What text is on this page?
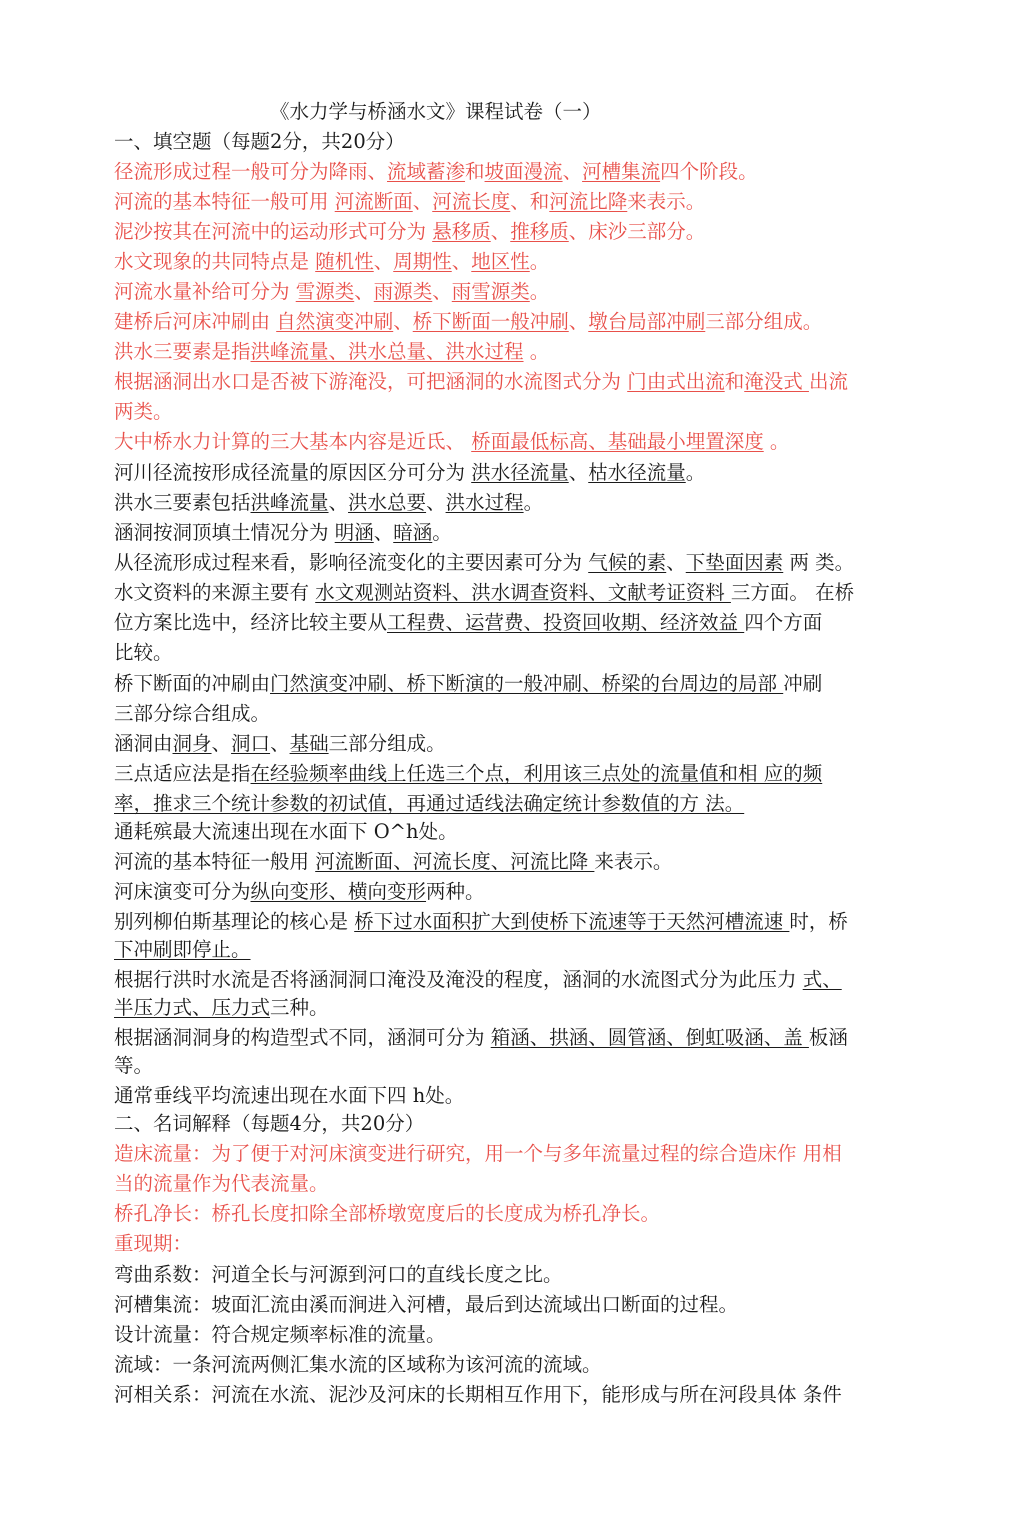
《水力学与桥涵水文》课程试卷（一）
一、填空题（每题2分，共20分）
径流形成过程一般可分为降雨、流域蓄渗和坡面漫流、河槽集流四个阶段。
河流的基本特征一般可用 河流断面、河流长度、和河流比降来表示。
泥沙按其在河流中的运动形式可分为 悬移质、推移质、床沙三部分。
水文现象的共同特点是 随机性、周期性、地区性。
河流水量补给可分为 雪源类、雨源类、雨雪源类。
建桥后河床冲刷由 自然演变冲刷、桥下断面一般冲刷、墩台局部冲刷三部分组成。
洪水三要素是指洪峰流量、洪水总量、洪水过程 。
根据涵洞出水口是否被下游淹没，可把涵洞的水流图式分为 门由式出流和淹没式 出流
两类。
大中桥水力计算的三大基本内容是近氐、 桥面最低标高、基础最小埋置深度 。
河川径流按形成径流量的原因区分可分为 洪水径流量、枯水径流量。
洪水三要素包括洪峰流量、洪水总要、洪水过程。
涵洞按洞顶填土情况分为 明涵、暗涵。
从径流形成过程来看，影响径流变化的主要因素可分为 气候的素、下垫面因素 两 类。
水文资料的来源主要有 水文观测站资料、洪水调查资料、文献考证资料 三方面。 在桥
位方案比选中，经济比较主要从工程费、运营费、投资回收期、经济效益 四个方面
比较。
桥下断面的冲刷由门然演变冲刷、桥下断演的一般冲刷、桥梁的台周边的局部 冲刷
三部分综合组成。
涵洞由洞身、洞口、基础三部分组成。
三点适应法是指在经验频率曲线上任选三个点，利用该三点处的流量值和相 应的频
率，推求三个统计参数的初试值，再通过适线法确定统计参数值的方 法。
通耗殡最大流速出现在水面下 O^h处。
河流的基本特征一般用 河流断面、河流长度、河流比降 来表示。
河床演变可分为纵向变形、横向变形两种。
别列柳伯斯基理论的核心是 桥下过水面积扩大到使桥下流速等于天然河槽流速 时，桥
下冲刷即停止。
根据行洪时水流是否将涵洞洞口淹没及淹没的程度，涵洞的水流图式分为此压力 式、
半压力式、压力式三种。
根据涵洞洞身的构造型式不同，涵洞可分为 箱涵、拱涵、圆管涵、倒虹吸涵、盖 板涵
等。
通常垂线平均流速出现在水面下四 h处。
二、名词解释（每题4分，共20分）
造床流量：为了便于对河床演变进行研究，用一个与多年流量过程的综合造床作 用相
当的流量作为代表流量。
桥孔净长：桥孔长度扣除全部桥墩宽度后的长度成为桥孔净长。
重现期：
弯曲系数：河道全长与河源到河口的直线长度之比。
河槽集流：坡面汇流由溪而涧进入河槽，最后到达流域出口断面的过程。
设计流量：符合规定频率标准的流量。
流域：一条河流两侧汇集水流的区域称为该河流的流域。
河相关系：河流在水流、泥沙及河床的长期相互作用下，能形成与所在河段具体 条件
